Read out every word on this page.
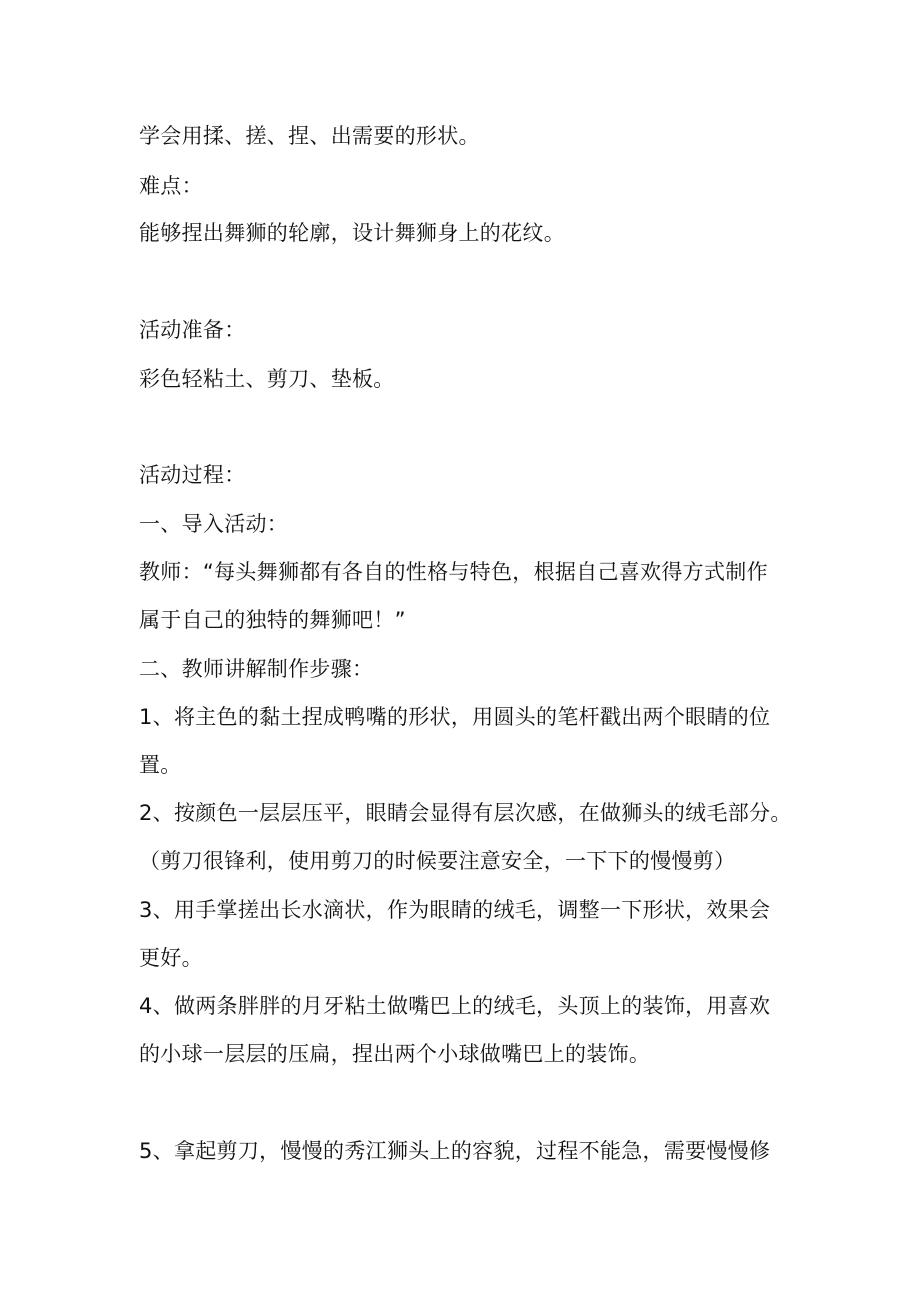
学会用揉、搓、捏、出需要的形状。
难点：
能够捏出舞狮的轮廓，设计舞狮身上的花纹。
活动准备：
彩色轻粘土、剪刀、垫板。
活动过程：
一、导入活动：
教师：“每头舞狮都有各自的性格与特色，根据自己喜欢得方式制作
属于自己的独特的舞狮吧！”
二、教师讲解制作步骤：
1、将主色的黏土捏成鸭嘴的形状，用圆头的笔杆戳出两个眼睛的位
置。
2、按颜色一层层压平，眼睛会显得有层次感，在做狮头的绒毛部分。
（剪刀很锋利，使用剪刀的时候要注意安全，一下下的慢慢剪）
3、用手掌搓出长水滴状，作为眼睛的绒毛，调整一下形状，效果会
更好。
4、做两条胖胖的月牙粘土做嘴巴上的绒毛，头顶上的装饰，用喜欢
的小球一层层的压扁，捏出两个小球做嘴巴上的装饰。
5、拿起剪刀，慢慢的秀江狮头上的容貌，过程不能急，需要慢慢修
